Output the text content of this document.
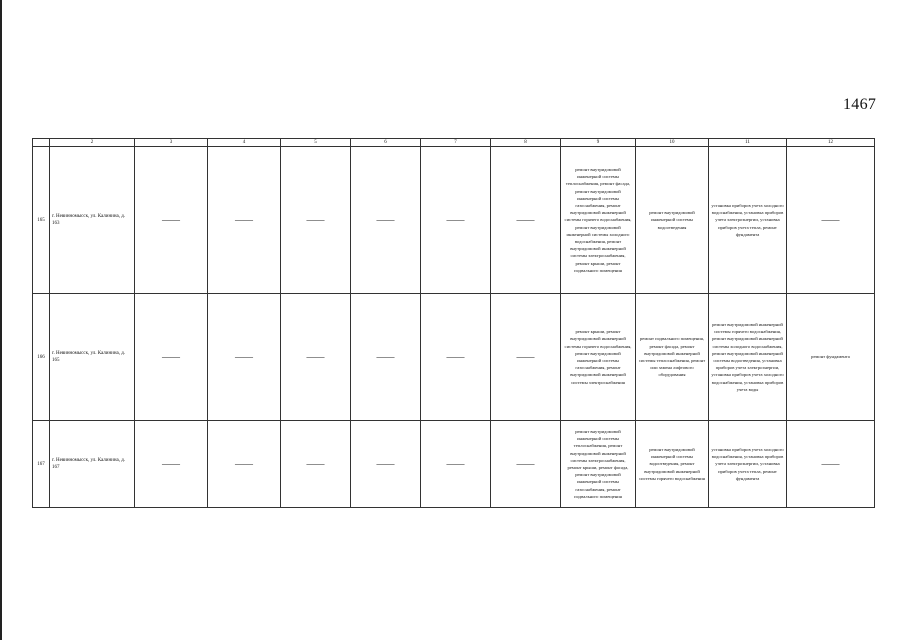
1467
	2	3	4	5	6	7	8	9	10	11	12
165	г. Невинномысск, ул. Калинина, д. 163	——	——	——	——	——	——	ремонт внутридомовой инженерной системы теплоснабжения, ремонт фасада, ремонт внутридомовой инженерной системы газоснабжения, ремонт внутридомовой инженерной системы горячего водоснабжения, ремонт внутридомовой инженерной системы холодного водоснабжения, ремонт внутридомовой инженерной системы электроснабжения, ремонт крыши, ремонт подвального помещения	ремонт внутридомовой инженерной системы водоотведения	установка приборов учета холодного водоснабжения, установка приборов учета электроэнергии, установка приборов учета тепла, ремонт фундамента	——
166	г. Невинномысск, ул. Калинина, д. 165	——	——	——	——	——	——	ремонт крыши, ремонт внутридомовой инженерной системы горячего водоснабжения, ремонт внутридомовой инженерной системы газоснабжения, ремонт внутридомовой инженерной системы электроснабжения	ремонт подвального помещения, ремонт фасада, ремонт внутридомовой инженерной системы теплоснабжения, ремонт или замена лифтового оборудования	ремонт внутридомовой инженерной системы горячего водоснабжения, ремонт внутридомовой инженерной системы холодного водоснабжения, ремонт внутридомовой инженерной системы водоотведения, установка приборов учета электроэнергии, установка приборов учета холодного водоснабжения, установка приборов учета воды	ремонт фундамента
167	г. Невинномысск, ул. Калинина, д. 167	——	——	——	——	——	——	ремонт внутридомовой инженерной системы теплоснабжения, ремонт внутридомовой инженерной системы электроснабжения, ремонт крыши, ремонт фасада, ремонт внутридомовой инженерной системы газоснабжения, ремонт подвального помещения	ремонт внутридомовой инженерной системы водоотведения, ремонт внутридомовой инженерной системы горячего водоснабжения	установка приборов учета холодного водоснабжения, установка приборов учета электроэнергии, установка приборов учета тепла, ремонт фундамента	——
